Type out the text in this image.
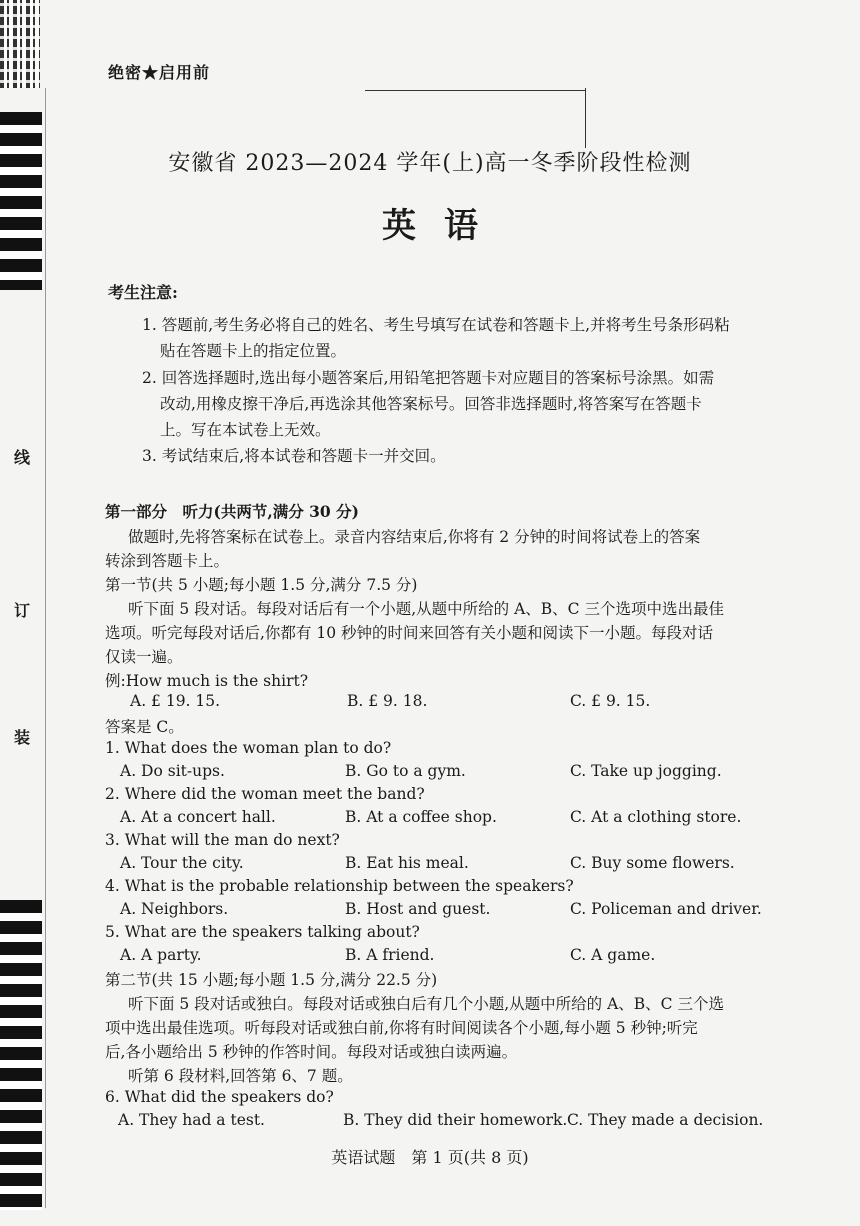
线
订
装
绝密★启用前
安徽省 2023—2024 学年(上)高一冬季阶段性检测
英语
考生注意:
1. 答题前,考生务必将自己的姓名、考生号填写在试卷和答题卡上,并将考生号条形码粘
贴在答题卡上的指定位置。
2. 回答选择题时,选出每小题答案后,用铅笔把答题卡对应题目的答案标号涂黑。如需
改动,用橡皮擦干净后,再选涂其他答案标号。回答非选择题时,将答案写在答题卡
上。写在本试卷上无效。
3. 考试结束后,将本试卷和答题卡一并交回。
第一部分　听力(共两节,满分 30 分)
做题时,先将答案标在试卷上。录音内容结束后,你将有 2 分钟的时间将试卷上的答案
转涂到答题卡上。
第一节(共 5 小题;每小题 1.5 分,满分 7.5 分)
听下面 5 段对话。每段对话后有一个小题,从题中所给的 A、B、C 三个选项中选出最佳
选项。听完每段对话后,你都有 10 秒钟的时间来回答有关小题和阅读下一小题。每段对话
仅读一遍。
例:How much is the shirt?
A. £ 19. 15.	B. £ 9. 18.	C. £ 9. 15.
答案是 C。
1. What does the woman plan to do?
A. Do sit-ups.	B. Go to a gym.	C. Take up jogging.
2. Where did the woman meet the band?
A. At a concert hall.	B. At a coffee shop.	C. At a clothing store.
3. What will the man do next?
A. Tour the city.	B. Eat his meal.	C. Buy some flowers.
4. What is the probable relationship between the speakers?
A. Neighbors.	B. Host and guest.	C. Policeman and driver.
5. What are the speakers talking about?
A. A party.	B. A friend.	C. A game.
第二节(共 15 小题;每小题 1.5 分,满分 22.5 分)
听下面 5 段对话或独白。每段对话或独白后有几个小题,从题中所给的 A、B、C 三个选
项中选出最佳选项。听每段对话或独白前,你将有时间阅读各个小题,每小题 5 秒钟;听完
后,各小题给出 5 秒钟的作答时间。每段对话或独白读两遍。
听第 6 段材料,回答第 6、7 题。
6. What did the speakers do?
A. They had a test.	B. They did their homework. C. They made a decision.
英语试题　第 1 页(共 8 页)
